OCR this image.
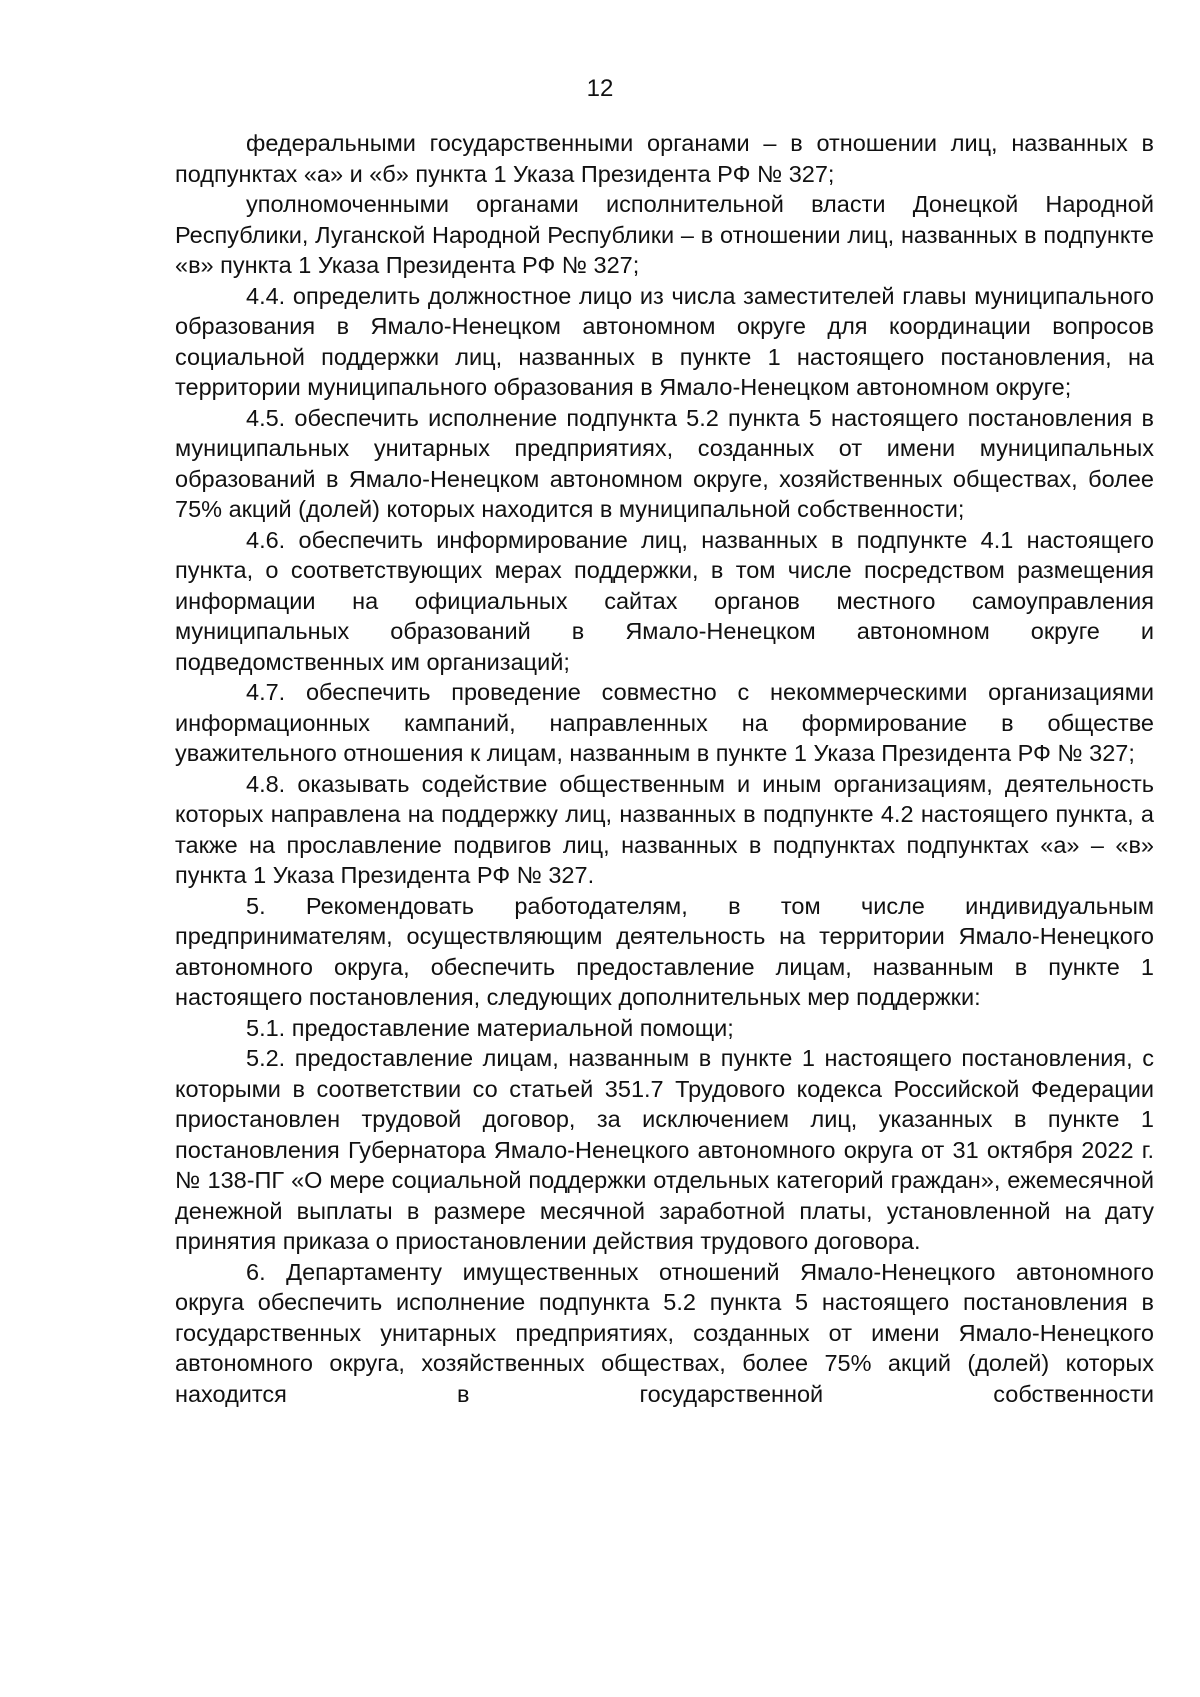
12

федеральными государственными органами – в отношении лиц, названных в подпунктах «а» и «б» пункта 1 Указа Президента РФ № 327;

уполномоченными органами исполнительной власти Донецкой Народной Республики, Луганской Народной Республики – в отношении лиц, названных в подпункте «в» пункта 1 Указа Президента РФ № 327;

4.4. определить должностное лицо из числа заместителей главы муниципального образования в Ямало-Ненецком автономном округе для координации вопросов социальной поддержки лиц, названных в пункте 1 настоящего постановления, на территории муниципального образования в Ямало-Ненецком автономном округе;

4.5. обеспечить исполнение подпункта 5.2 пункта 5 настоящего постановления в муниципальных унитарных предприятиях, созданных от имени муниципальных образований в Ямало-Ненецком автономном округе, хозяйственных обществах, более 75% акций (долей) которых находится в муниципальной собственности;

4.6. обеспечить информирование лиц, названных в подпункте 4.1 настоящего пункта, о соответствующих мерах поддержки, в том числе посредством размещения информации на официальных сайтах органов местного самоуправления муниципальных образований в Ямало-Ненецком автономном округе и подведомственных им организаций;

4.7. обеспечить проведение совместно с некоммерческими организациями информационных кампаний, направленных на формирование в обществе уважительного отношения к лицам, названным в пункте 1 Указа Президента РФ № 327;

4.8. оказывать содействие общественным и иным организациям, деятельность которых направлена на поддержку лиц, названных в подпункте 4.2 настоящего пункта, а также на прославление подвигов лиц, названных в подпунктах подпунктах «а» – «в» пункта 1 Указа Президента РФ № 327.

5. Рекомендовать работодателям, в том числе индивидуальным предпринимателям, осуществляющим деятельность на территории Ямало-Ненецкого автономного округа, обеспечить предоставление лицам, названным в пункте 1 настоящего постановления, следующих дополнительных мер поддержки:

5.1. предоставление материальной помощи;

5.2. предоставление лицам, названным в пункте 1 настоящего постановления, с которыми в соответствии со статьей 351.7 Трудового кодекса Российской Федерации приостановлен трудовой договор, за исключением лиц, указанных в пункте 1 постановления Губернатора Ямало-Ненецкого автономного округа от 31 октября 2022 г. № 138-ПГ «О мере социальной поддержки отдельных категорий граждан», ежемесячной денежной выплаты в размере месячной заработной платы, установленной на дату принятия приказа о приостановлении действия трудового договора.

6. Департаменту имущественных отношений Ямало-Ненецкого автономного округа обеспечить исполнение подпункта 5.2 пункта 5 настоящего постановления в государственных унитарных предприятиях, созданных от имени Ямало-Ненецкого автономного округа, хозяйственных обществах, более 75% акций (долей) которых находится в государственной собственности
